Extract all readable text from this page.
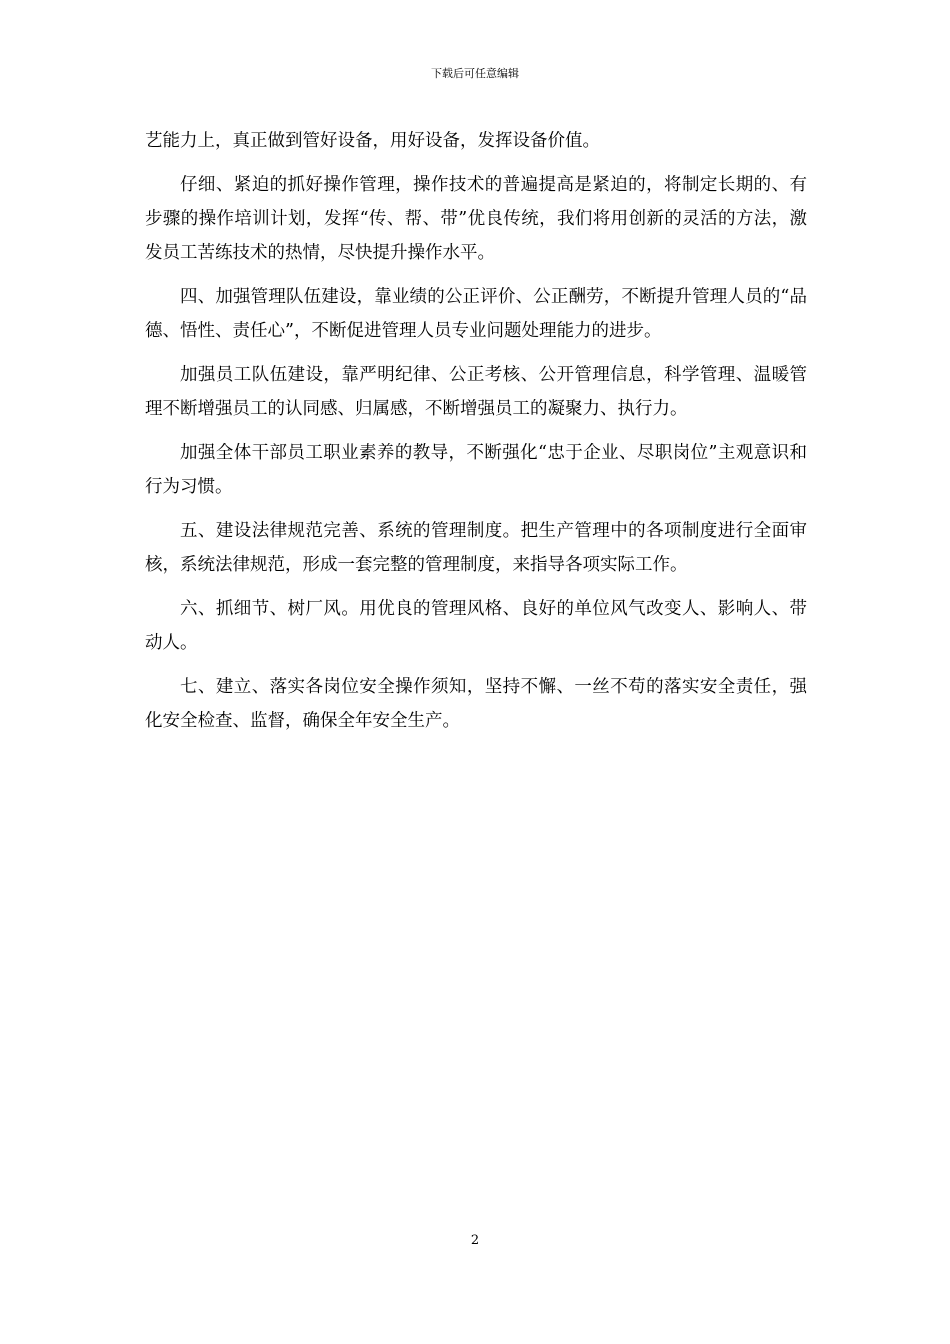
下载后可任意编辑

艺能力上，真正做到管好设备，用好设备，发挥设备价值。

仔细、紧迫的抓好操作管理，操作技术的普遍提高是紧迫的，将制定长期的、有步骤的操作培训计划，发挥“传、帮、带”优良传统，我们将用创新的灵活的方法，激发员工苦练技术的热情，尽快提升操作水平。

四、加强管理队伍建设，靠业绩的公正评价、公正酬劳，不断提升管理人员的“品德、悟性、责任心”，不断促进管理人员专业问题处理能力的进步。

加强员工队伍建设，靠严明纪律、公正考核、公开管理信息，科学管理、温暖管理不断增强员工的认同感、归属感，不断增强员工的凝聚力、执行力。

加强全体干部员工职业素养的教导，不断强化“忠于企业、尽职岗位”主观意识和行为习惯。

五、建设法律规范完善、系统的管理制度。把生产管理中的各项制度进行全面审核，系统法律规范，形成一套完整的管理制度，来指导各项实际工作。

六、抓细节、树厂风。用优良的管理风格、良好的单位风气改变人、影响人、带动人。

七、建立、落实各岗位安全操作须知，坚持不懈、一丝不苟的落实安全责任，强化安全检查、监督，确保全年安全生产。

2
